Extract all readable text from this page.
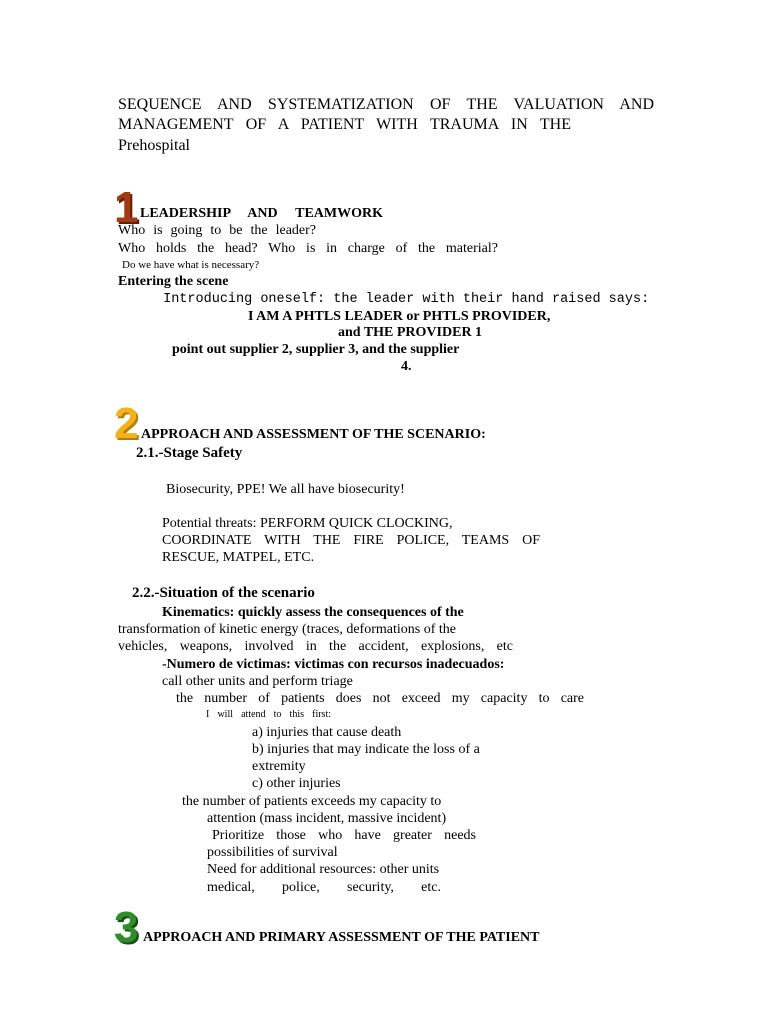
SEQUENCE AND SYSTEMATIZATION OF THE VALUATION AND
MANAGEMENT OF A PATIENT WITH TRAUMA IN THE
Prehospital
1 LEADERSHIP AND TEAMWORK
Who is going to be the leader?
Who holds the head? Who is in charge of the material?
Do we have what is necessary?
Entering the scene
Introducing oneself: the leader with their hand raised says:
I AM A PHTLS LEADER or PHTLS PROVIDER,
and THE PROVIDER 1
point out supplier 2, supplier 3, and the supplier
4.
2 APPROACH AND ASSESSMENT OF THE SCENARIO:
2.1.-Stage Safety
Biosecurity, PPE! We all have biosecurity!
Potential threats: PERFORM QUICK CLOCKING,
COORDINATE WITH THE FIRE POLICE, TEAMS OF
RESCUE, MATPEL, ETC.
2.2.-Situation of the scenario
Kinematics: quickly assess the consequences of the
transformation of kinetic energy (traces, deformations of the
vehicles, weapons, involved in the accident, explosions, etc
-Numero de victimas: victimas con recursos inadecuados:
call other units and perform triage
the number of patients does not exceed my capacity to care
I will attend to this first:
a) injuries that cause death
b) injuries that may indicate the loss of a
extremity
c) other injuries
the number of patients exceeds my capacity to
attention (mass incident, massive incident)
Prioritize those who have greater needs
possibilities of survival
Need for additional resources: other units
medical, police, security, etc.
3 APPROACH AND PRIMARY ASSESSMENT OF THE PATIENT
